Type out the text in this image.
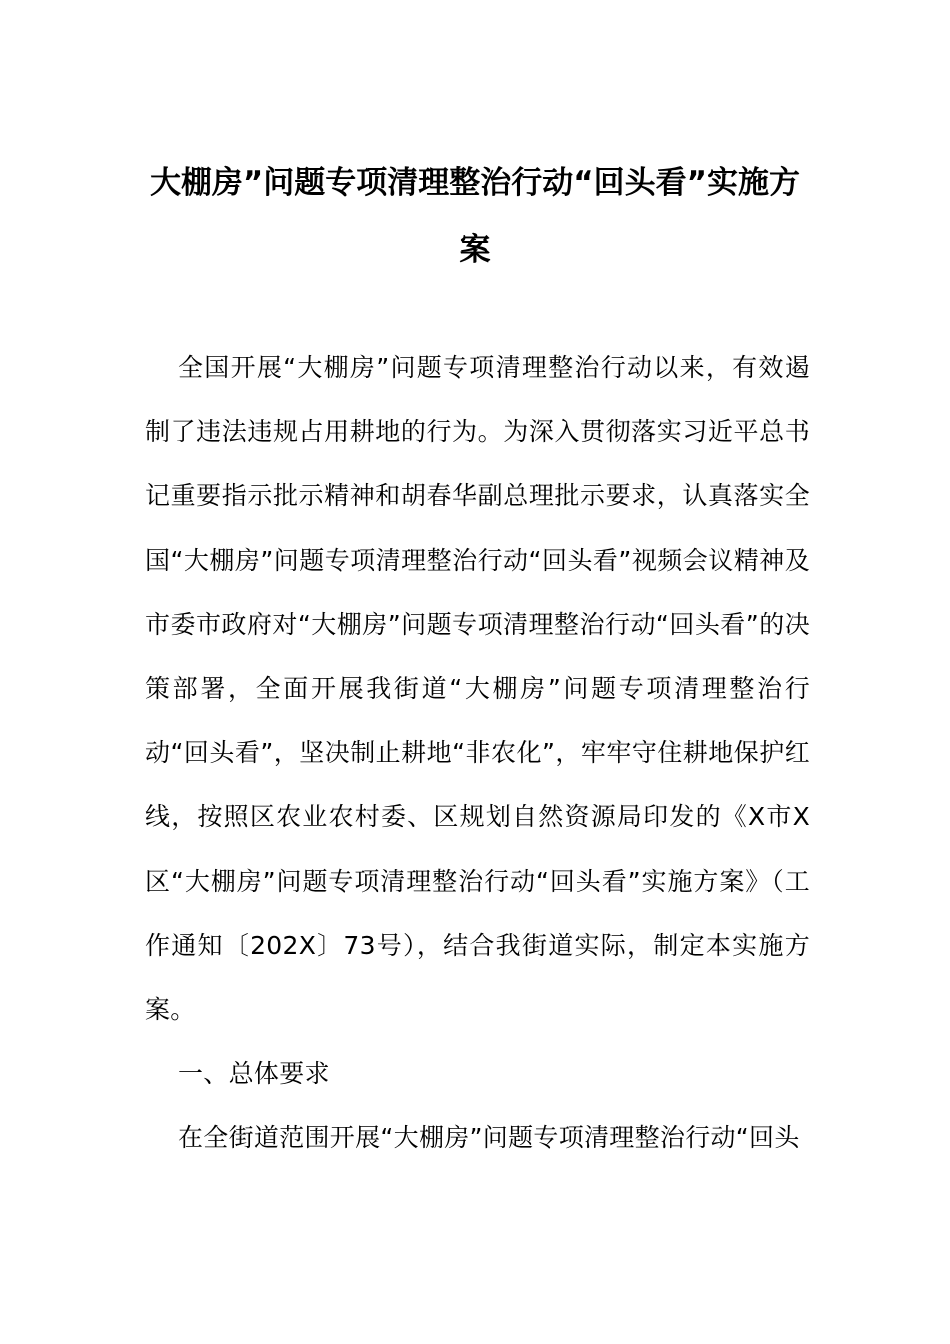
大棚房”问题专项清理整治行动“回头看”实施方案

全国开展“大棚房”问题专项清理整治行动以来，有效遏制了违法违规占用耕地的行为。为深入贯彻落实习近平总书记重要指示批示精神和胡春华副总理批示要求，认真落实全国“大棚房”问题专项清理整治行动“回头看”视频会议精神及市委市政府对“大棚房”问题专项清理整治行动“回头看”的决策部署，全面开展我街道“大棚房”问题专项清理整治行动“回头看”，坚决制止耕地“非农化”，牢牢守住耕地保护红线，按照区农业农村委、区规划自然资源局印发的《X市X区“大棚房”问题专项清理整治行动“回头看”实施方案》（工作通知〔202X〕73号），结合我街道实际，制定本实施方案。

一、总体要求

在全街道范围开展“大棚房”问题专项清理整治行动“回头
